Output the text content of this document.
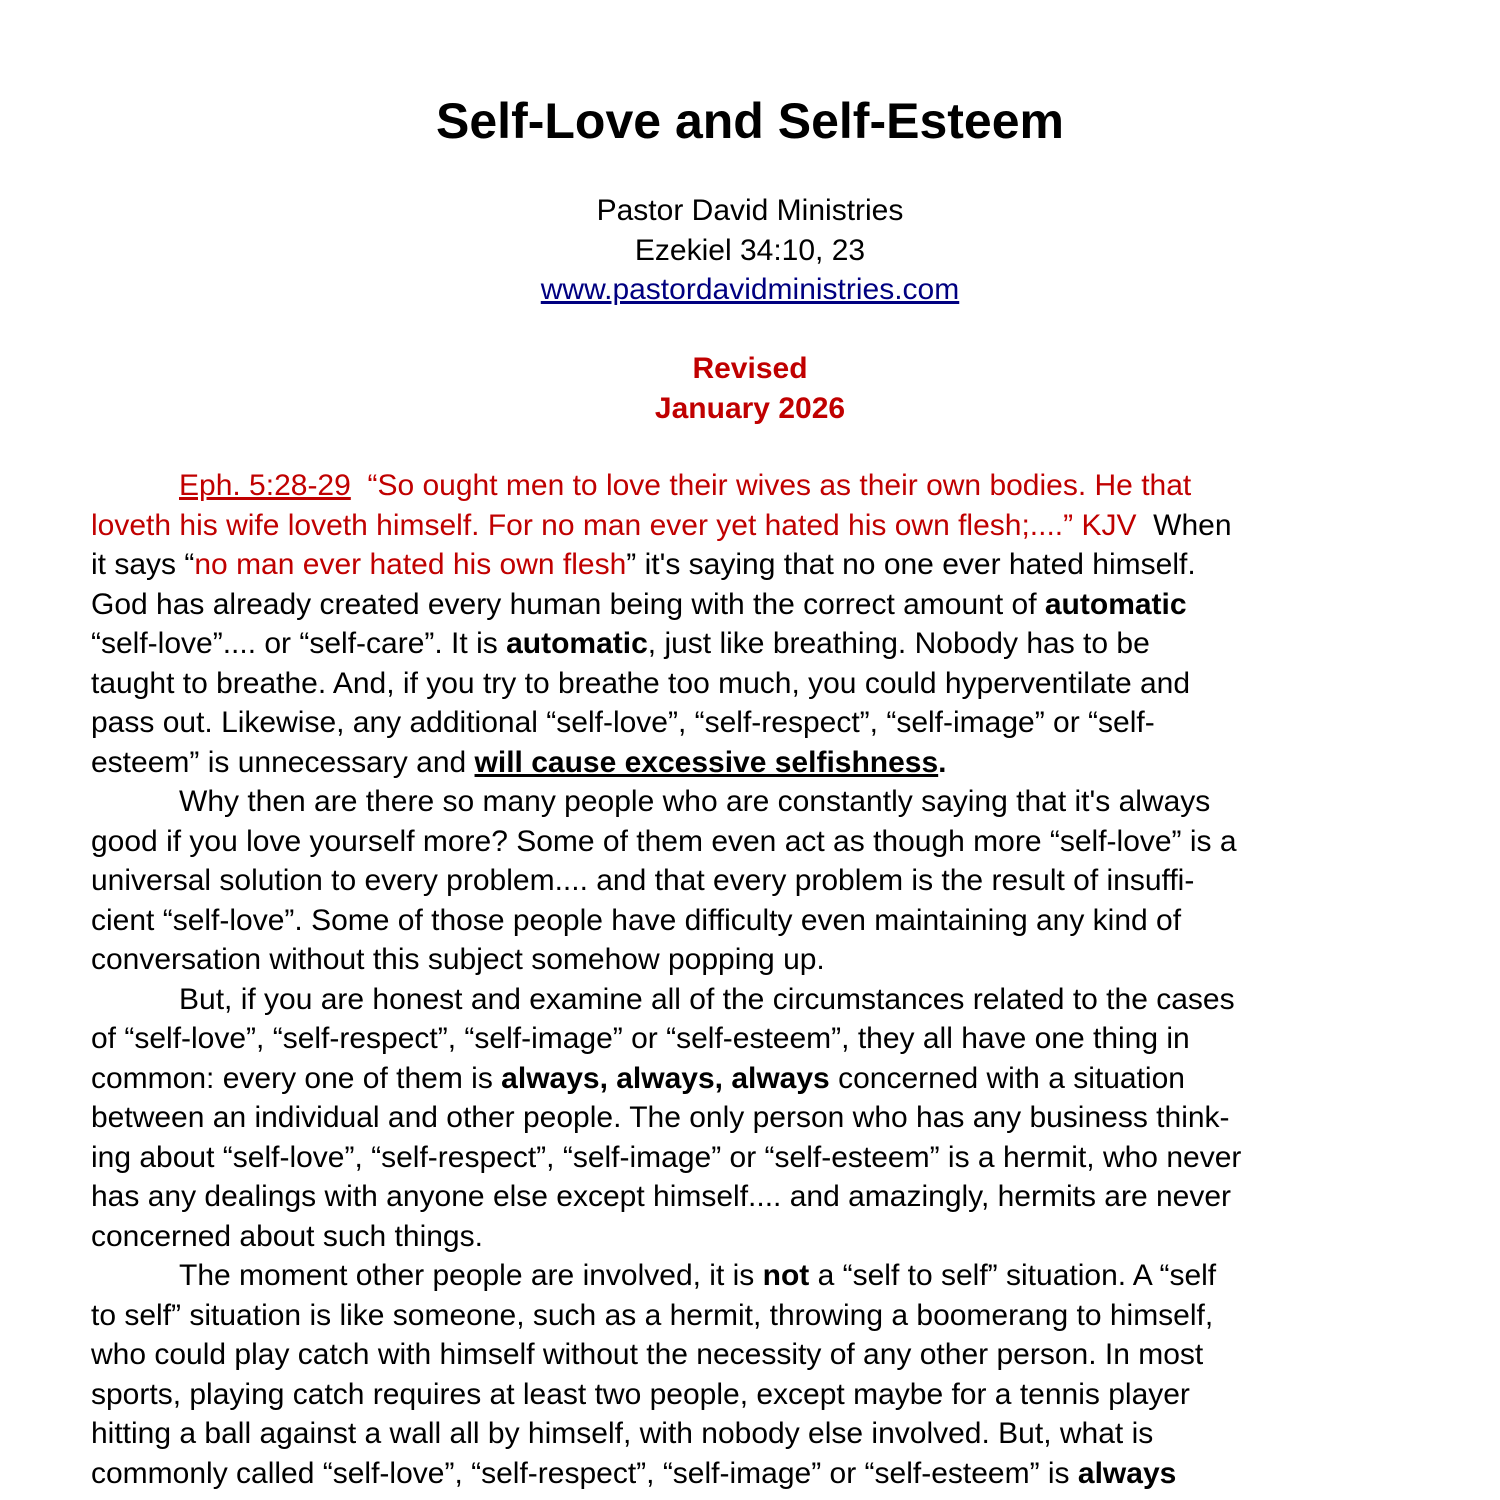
Self-Love and Self-Esteem
Pastor David Ministries
Ezekiel 34:10, 23
www.pastordavidministries.com
Revised
January 2026
Eph. 5:28-29 “So ought men to love their wives as their own bodies. He that
loveth his wife loveth himself. For no man ever yet hated his own flesh;....” KJV When
it says “no man ever hated his own flesh” it's saying that no one ever hated himself.
God has already created every human being with the correct amount of automatic
“self-love”.... or “self-care”. It is automatic, just like breathing. Nobody has to be
taught to breathe. And, if you try to breathe too much, you could hyperventilate and
pass out. Likewise, any additional “self-love”, “self-respect”, “self-image” or “self-
esteem” is unnecessary and will cause excessive selfishness.
Why then are there so many people who are constantly saying that it's always
good if you love yourself more? Some of them even act as though more “self-love” is a
universal solution to every problem.... and that every problem is the result of insuffi-
cient “self-love”. Some of those people have difficulty even maintaining any kind of
conversation without this subject somehow popping up.
But, if you are honest and examine all of the circumstances related to the cases
of “self-love”, “self-respect”, “self-image” or “self-esteem”, they all have one thing in
common: every one of them is always, always, always concerned with a situation
between an individual and other people. The only person who has any business think-
ing about “self-love”, “self-respect”, “self-image” or “self-esteem” is a hermit, who never
has any dealings with anyone else except himself.... and amazingly, hermits are never
concerned about such things.
The moment other people are involved, it is not a “self to self” situation. A “self
to self” situation is like someone, such as a hermit, throwing a boomerang to himself,
who could play catch with himself without the necessity of any other person. In most
sports, playing catch requires at least two people, except maybe for a tennis player
hitting a ball against a wall all by himself, with nobody else involved. But, what is
commonly called “self-love”, “self-respect”, “self-image” or “self-esteem” is always
